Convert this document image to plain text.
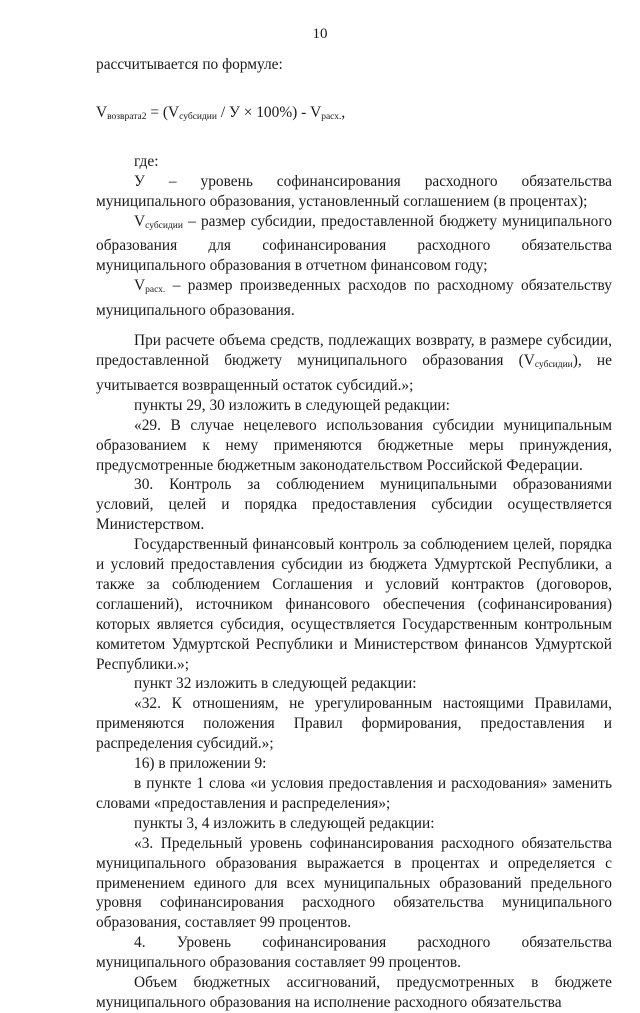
10

рассчитывается по формуле:

$V_{возврата2} = (V_{субсидии} / У \times 100\%) - V_{расх.}$,

где:

У – уровень софинансирования расходного обязательства муниципального образования, установленный соглашением (в процентах);

$V_{субсидии}$ – размер субсидии, предоставленной бюджету муниципального образования для софинансирования расходного обязательства муниципального образования в отчетном финансовом году;

$V_{расх.}$ – размер произведенных расходов по расходному обязательству муниципального образования.

При расчете объема средств, подлежащих возврату, в размере субсидии, предоставленной бюджету муниципального образования $(V_{субсидии})$, не учитывается возвращенный остаток субсидий.»;

пункты 29, 30 изложить в следующей редакции:

«29. В случае нецелевого использования субсидии муниципальным образованием к нему применяются бюджетные меры принуждения, предусмотренные бюджетным законодательством Российской Федерации.

30. Контроль за соблюдением муниципальными образованиями условий, целей и порядка предоставления субсидии осуществляется Министерством.

Государственный финансовый контроль за соблюдением целей, порядка и условий предоставления субсидии из бюджета Удмуртской Республики, а также за соблюдением Соглашения и условий контрактов (договоров, соглашений), источником финансового обеспечения (софинансирования) которых является субсидия, осуществляется Государственным контрольным комитетом Удмуртской Республики и Министерством финансов Удмуртской Республики.»;

пункт 32 изложить в следующей редакции:

«32. К отношениям, не урегулированным настоящими Правилами, применяются положения Правил формирования, предоставления и распределения субсидий.»;

16) в приложении 9:

в пункте 1 слова «и условия предоставления и расходования» заменить словами «предоставления и распределения»;

пункты 3, 4 изложить в следующей редакции:

«3. Предельный уровень софинансирования расходного обязательства муниципального образования выражается в процентах и определяется с применением единого для всех муниципальных образований предельного уровня софинансирования расходного обязательства муниципального образования, составляет 99 процентов.

4. Уровень софинансирования расходного обязательства муниципального образования составляет 99 процентов.

Объем бюджетных ассигнований, предусмотренных в бюджете муниципального образования на исполнение расходного обязательства
